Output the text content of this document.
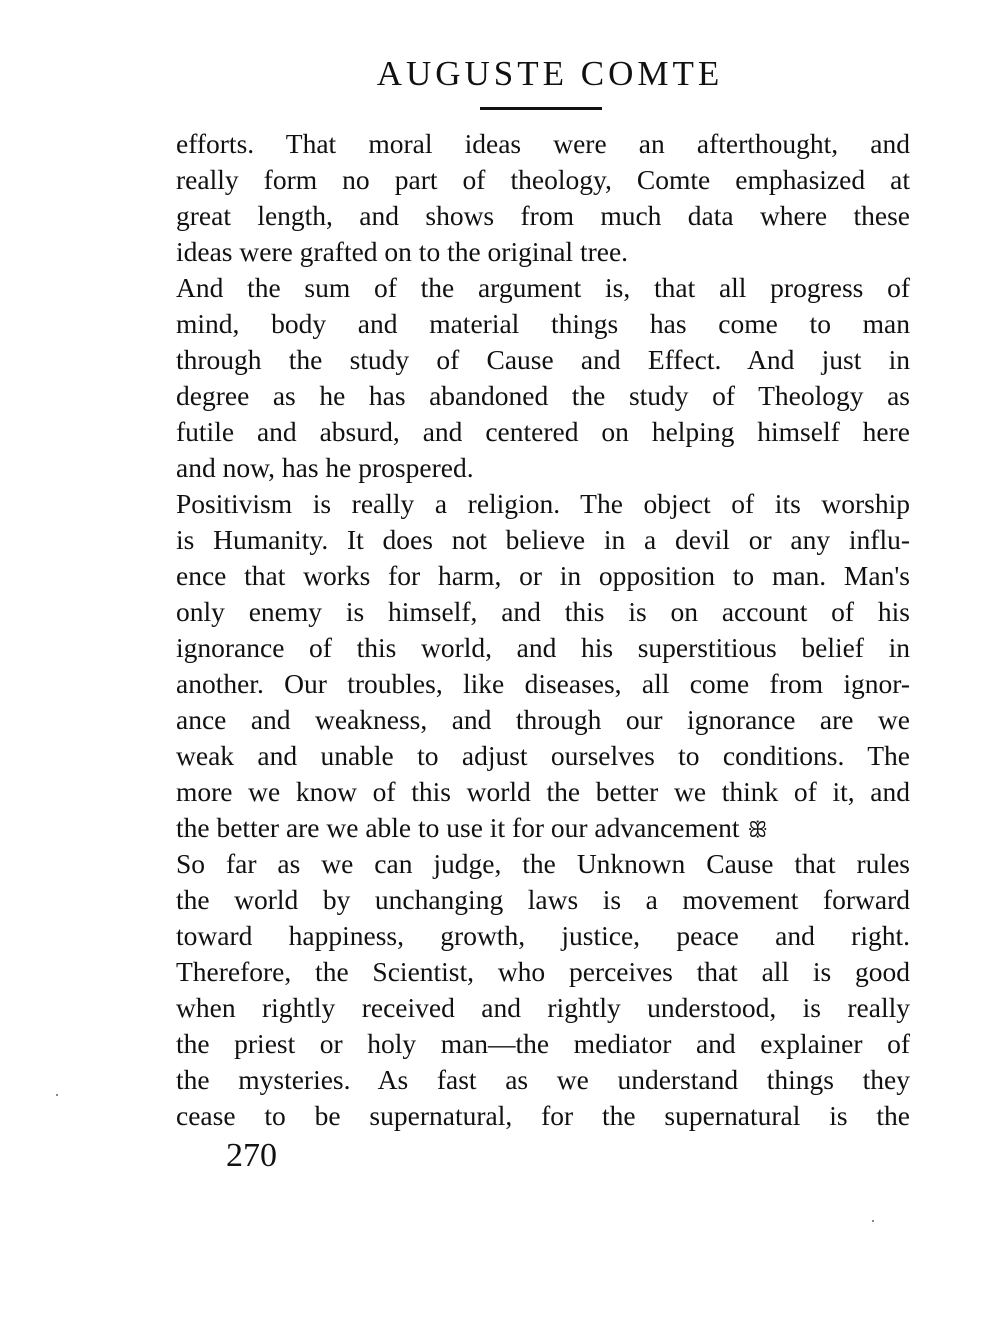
AUGUSTE COMTE
efforts. That moral ideas were an afterthought, and
really form no part of theology, Comte emphasized at
great length, and shows from much data where these
ideas were grafted on to the original tree.
And the sum of the argument is, that all progress of
mind, body and material things has come to man
through the study of Cause and Effect. And just in
degree as he has abandoned the study of Theology as
futile and absurd, and centered on helping himself here
and now, has he prospered.
Positivism is really a religion. The object of its worship
is Humanity. It does not believe in a devil or any influ-
ence that works for harm, or in opposition to man. Man's
only enemy is himself, and this is on account of his
ignorance of this world, and his superstitious belief in
another. Our troubles, like diseases, all come from ignor-
ance and weakness, and through our ignorance are we
weak and unable to adjust ourselves to conditions. The
more we know of this world the better we think of it, and
the better are we able to use it for our advancement ꕥ
So far as we can judge, the Unknown Cause that rules
the world by unchanging laws is a movement forward
toward happiness, growth, justice, peace and right.
Therefore, the Scientist, who perceives that all is good
when rightly received and rightly understood, is really
the priest or holy man—the mediator and explainer of
the mysteries. As fast as we understand things they
cease to be supernatural, for the supernatural is the
270
